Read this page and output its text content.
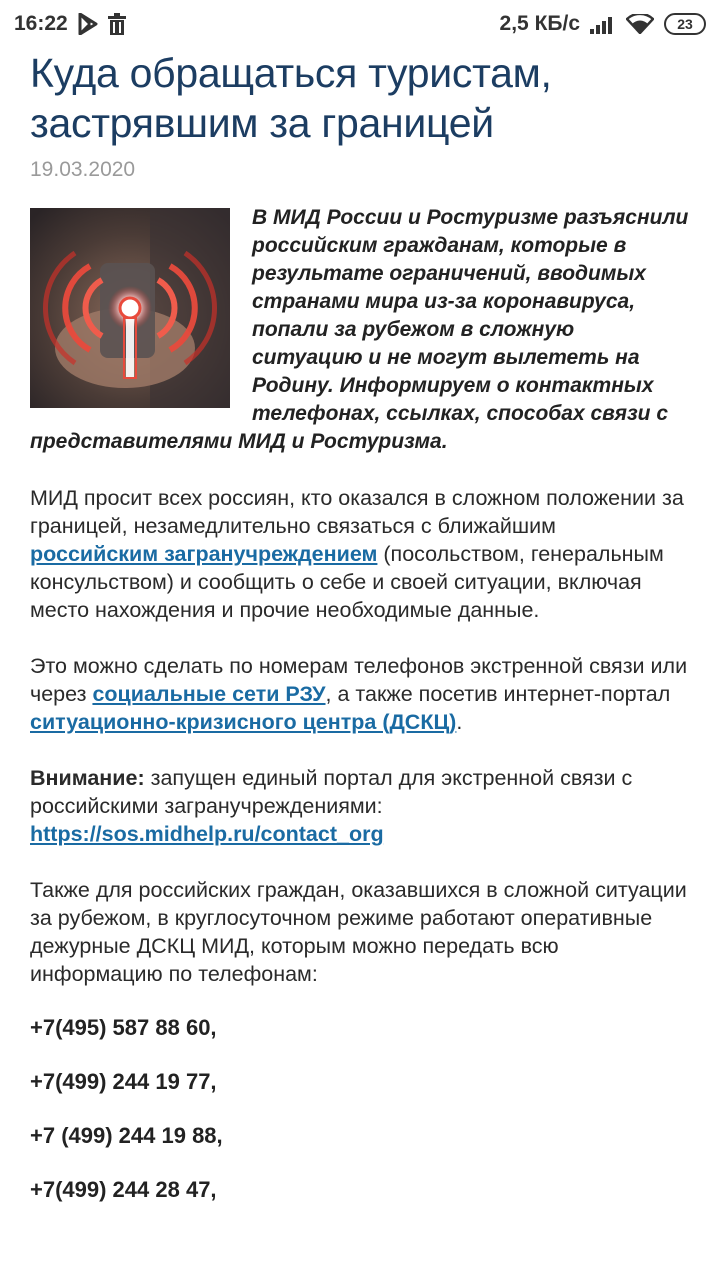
16:22	2,5 КБ/с	23
Куда обращаться туристам, застрявшим за границей
19.03.2020
В МИД России и Ростуризме разъяснили российским гражданам, которые в результате ограничений, вводимых странами мира из-за коронавируса, попали за рубежом в сложную ситуацию и не могут вылететь на Родину. Информируем о контактных телефонах, ссылках, способах связи с представителями МИД и Ростуризма.

МИД просит всех россиян, кто оказался в сложном положении за границей, незамедлительно связаться с ближайшим российским загранучреждением (посольством, генеральным консульством) и сообщить о себе и своей ситуации, включая место нахождения и прочие необходимые данные.

Это можно сделать по номерам телефонов экстренной связи или через социальные сети РЗУ, а также посетив интернет-портал ситуационно-кризисного центра (ДСКЦ).

Внимание: запущен единый портал для экстренной связи с российскими загранучреждениями: https://sos.midhelp.ru/contact_org

Также для российских граждан, оказавшихся в сложной ситуации за рубежом, в круглосуточном режиме работают оперативные дежурные ДСКЦ МИД, которым можно передать всю информацию по телефонам:

+7(495) 587 88 60,
+7(499) 244 19 77,
+7 (499) 244 19 88,
+7(499) 244 28 47,
